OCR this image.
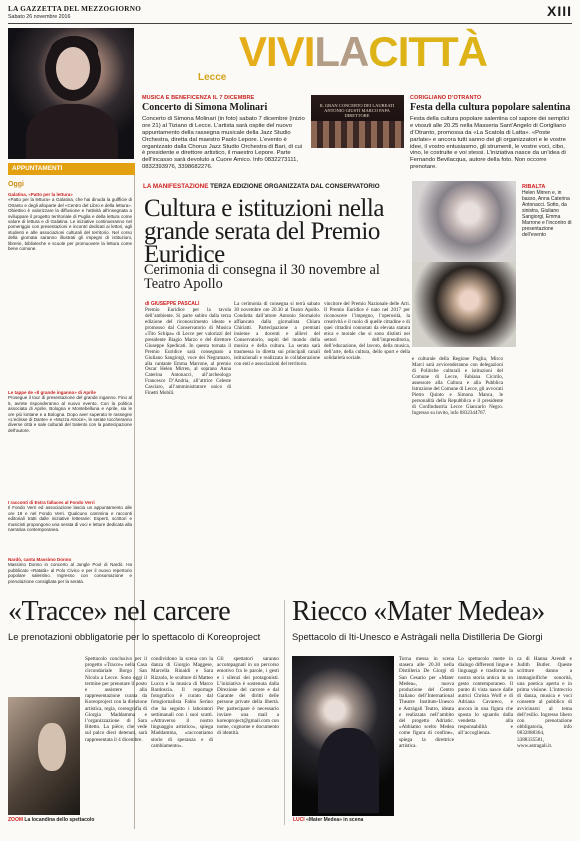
LA GAZZETTA DEL MEZZOGIORNO
Sabato 26 novembre 2016	XIII
Lecce
VIVILACITTÀ
MUSICA E BENEFICENZA IL 7 DICEMBRE
Concerto di Simona Molinari
Concerto di Simona Molinari (in foto) sabato 7 dicembre (inizio ore 21) al Tiziano di Lecce. L’artista sarà ospite del nuovo appuntamento della rassegna musicale della Jazz Studio Orchestra, diretta dal maestro Paolo Lepore. L’evento è organizzato dalla Chorus Jazz Studio Orchestra di Bari, di cui è presidente e direttore artistico, il maestro Lepore. Parte dell’incasso sarà devoluto a Cuore Amico. Info 0832273111, 0832393976, 3398682276.
IL GRAN CONCERTO DEI LAUREATI ANTONIO GIUSTI MARCO PAPA DIRETTORE
CORIGLIANO D’OTRANTO
Festa della cultura popolare salentina
Festa della cultura popolare salentina col sapore dei semplici e vissuti alle 20.25 nella Masseria Sant’Angelo di Corigliano d’Otranto, promossa da «La Scatola di Latta». «Poste parlate» e ancora tutti sanno dei gli organizzatori e le vostre idee, il vostro entusiasmo, gli strumenti, le vostre voci, cibo, vino, le costruite e voi stessi. L’iniziativa nasce da un’idea di Fernando Bevilacqua, autore della foto. Non occorre prenotare.
APPUNTAMENTI
Oggi
Galatina, «Patto per la lettura»
«Patto per la lettura» a Galatina, che hai dinuda la gulfficie di Otranto e degli alloparte del «Centro del Libro e della lettura». Obiettivo è valorizzare la diffusione e l’attività all’insegnata a sviluppare il progetto territoriale di Puglia e della lettura come valore di lettura e di Galatina. Le iniziative continueranno nel pomeriggio con presentazioni e incontri dedicati ai lettori, agli studenti e alle associazioni culturali del territorio. Nel corso della giornata saranno illustrati gli impegni di istituzioni, librerie, biblioteche e scuole per promuovere la lettura come bene comune.
Le tappe de «Il grande inganno» di Aprile
Prosegue il tour di presentazione del grande inganno. Fino al 5, avrete risponderanno al nuovo evento. Con la politica associata di Aprile, Bologna e Montebelluna e Aprile, sia le ore più lontane e a Bologna. Dopo aver superato le rassegne «L’eclisse di Dante» e «Mozza Atroce», le serate toccheranno diverse città e sale culturali del Salento con la partecipazione dell’autore.
I racconti di Estra fallaces al Fondo Verri
Il Fondo Verri ed associazione lascia un appuntamento alle ore 19 e nel Fondo Verri. Qualcuno cammina e racconti editoriali tratti dalle iniziative letterarie: Esperti, scrittori e musicisti propongono una serata di voci e letture dedicata alla narrativa contemporanea.
Nardò, canta Massimo Donno
Massimo Donno in concerto al Jungle Pool di Nardò. Ha pubblicato «Ratatà» al Polo Civico e per il nuovo repertorio popolare salentino. Ingresso con consumazione e prenotazione consigliata per la serata.
LA MANIFESTAZIONE TERZA EDIZIONE ORGANIZZATA DAL CONSERVATORIO
Cultura e istituzioni nella grande serata del Premio Euridice
Cerimonia di consegna il 30 novembre al Teatro Apollo
RIBALTA
Helen Mirren e, in basso, Anna Caterina Antonacci. Sotto, da sinistra, Giuliano Sangiorgi, Emma Marrone e l’incontro di presentazione dell’evento
di GIUSEPPE PASCALI
Premio Euridice per la tavola dell’ambiente. Si parte subito dalla terza edizione del riconoscimento ideato e promosso dal Conservatorio di Musica «Tito Schipa» di Lecce per valorizzi del presidente Biagio Marzo e del direttore Giuseppe Spedicati. In questa tornata il Premio Euridice sarà consegnato a Giuliano Sangiorgi, voce dei Negramaro, alla cantante Emma Marrone, al premio Oscar Helen Mirren, al soprano Anna Caterina Antonacci, all’archeologo Francesco D’Andria, all’attrice Celeste Casciaro, all’amministratore unico di Finetti Mobili.
La cerimonia di consegna si terrà sabato 30 novembre ore 20.30 al Teatro Apollo. Condotta dall’attore Antonio Stornaiolo affiancato dalla giornalista Chiara Chiriatti. Partecipazione a premiati insieme a docenti e allievi del Conservatorio, ospiti del mondo della musica e della cultura. La serata sarà trasmessa in diretta sui principali canali istituzionali e realizzata in collaborazione con enti e associazioni del territorio.
vincitore del Premio Nazionale delle Arti. Il Premio Euridice è nato nel 2017 per riconoscere l’impegno, l’operosità, la creatività e il ruolo di quelle cittadine e di quei cittadini connotati da elevata statura etica e morale che si sono distinti nei settori dell’imprenditoria, dell’educazione, del lavoro, della musica, dell’arte, della cultura, dello sport e della solidarietà sociale.	e culturale della Regione Puglia, Mirco Marci sarà avvicenderanno con delegazioni di Politiche culturali e istituzioni del Comune di Lecce, Fabiana Cicirilo, assessore alla Cultura e alla Pubblica Istruzione del Comune di Lecce, gli avvocati Pietro Quinto e Simona Manca, le personalità della Repubblica e il presidente di Confindustria Lecce Giancarlo Negro. Ingresso su invito, info 0832344767.
«Tracce» nel carcere
Le prenotazioni obbligatorie per lo spettacolo di Koreoproject
ZOOM La locandina dello spettacolo
Spettacolo conclusivo per il progetto «Tracce» nella Casa circondariale Borgo San Nicola a Lecce. Sono oggi il termine per prenotare il posto e assistere alla rappresentazione curata da Koreoproject con la direzione artistica, regia, coreografia di Giorgia Maddamma e l’organizzazione di Sara Bitetto. La pièce, che vede sul palco dieci detenuti, sarà rappresentata il 4 dicembre.
condividono la scena con la danza di Giorgio Maggese, Marcella Rinaldi e Sara Rizzolo, le sculture di Matteo Lucca e la musica di Marco Bardoscia. Il reportage fotografico è curato dal fotogiornalista Fabio Serino che ha seguito i laboratori settimanali con i suoi scatti. «Attraverso il nostro linguaggio artistico», spiega Maddamma, «raccontiamo storie di speranza e di cambiamento».
Gli spettatori saranno accompagnati in un percorso emotivo fra le parole, i gesti e i silenzi dei protagonisti. L’iniziativa è sostenuta dalla Direzione del carcere e dal Garante dei diritti delle persone private della libertà. Per partecipare è necessario inviare una mail a koreoproject@gmail.com con nome, cognome e documento di identità.
Riecco «Mater Medea»
Spettacolo di Iti-Unesco e Astràgali nella Distilleria De Giorgi
LUCI «Mater Medea» in scena
Torna messa in scena stasera alle 20.30 nella Distilleria De Giorgi di San Cesario per «Mater Medea», nuova produzione del Centro Italiano dell’International Theatre Institute-Unesco e Astràgali Teatro, ideata e realizzata nell’ambito del progetto Adriatic. «Abbiamo scelto Medea come figura di confine», spiega la direttrice artistica.
Lo spettacolo mette in dialogo differenti lingue e linguaggi e trasforma la nostra storia antica in un gesto contemporaneo. Il punto di vista nasce dalle autrici Christa Wolf e di Adriana Cavarero, e ancora in una figura che sposta lo sguardo dalla vendetta alla responsabilità e all’accoglienza.
ca di Hanna Arendt e Judith Butler. Queste scritture danno a immaginifiche sonorità, una poetica aperta e in prima visione. L’intreccio di danza, musica e voci consente al pubblico di avvicinarsi al tema dell’esilio. Ingresso libero con prenotazione obbligatoria, info 0832888364, 3388335581, www.astragali.it.
